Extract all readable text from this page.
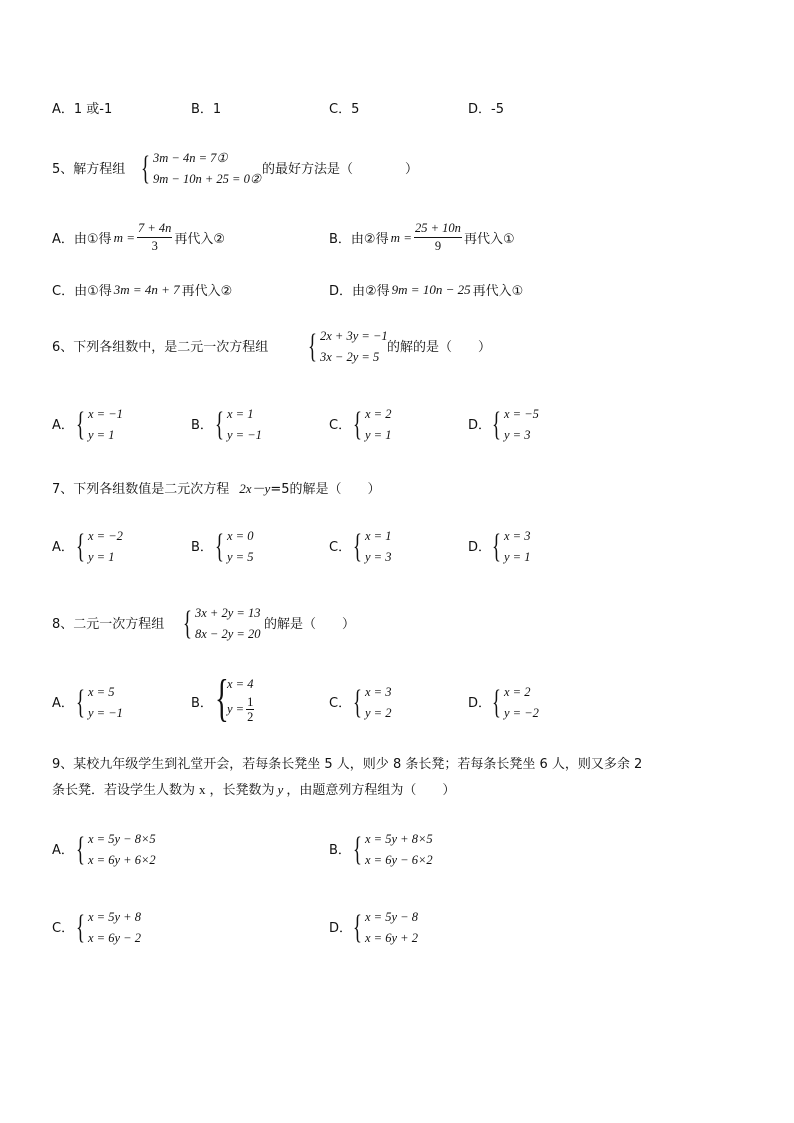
A．1 或-1	B．1	C．5	D．-5
5、解方程组 { 3m − 4n = 7①
9m − 10n + 25 = 0②
的最好方法是（　　　　）
A．由①得 $m = \frac{7 + 4n}{3}$ 再代入②	B．由②得 $m = \frac{25 + 10n}{9}$ 再代入①
C．由①得 3m = 4n + 7 再代入②	D．由②得 9m = 10n − 25 再代入①
6、下列各组数中，是二元一次方程组 { 2x + 3y = −1
3x − 2y = 5
的解的是（　　）
A． { x = −1
y = 1
B． { x = 1
y = −1
C． { x = 2
y = 1
D． { x = −5
y = 3
7、下列各组数值是二元次方程 2x－y =5 的解是（　　）
A． { x = −2
y = 1
B． { x = 0
y = 5
C． { x = 1
y = 3
D． { x = 3
y = 1
8、二元一次方程组 { 3x + 2y = 13
8x − 2y = 20
的解是（　　）
A． { x = 5
y = −1
B． {
x = 4
$y = \frac{1}{2}$	C． { x = 3
y = 2
D． { x = 2
y = −2
9、某校九年级学生到礼堂开会，若每条长凳坐 5 人，则少 8 条长凳；若每条长凳坐 6 人，则又多余 2
条长凳．若设学生人数为 x ，长凳数为 y ，由题意列方程组为（　　）
A． { x = 5y − 8×5
x = 6y + 6×2
B． { x = 5y + 8×5
x = 6y − 6×2
C． { x = 5y + 8
x = 6y − 2
D． { x = 5y − 8
x = 6y + 2
